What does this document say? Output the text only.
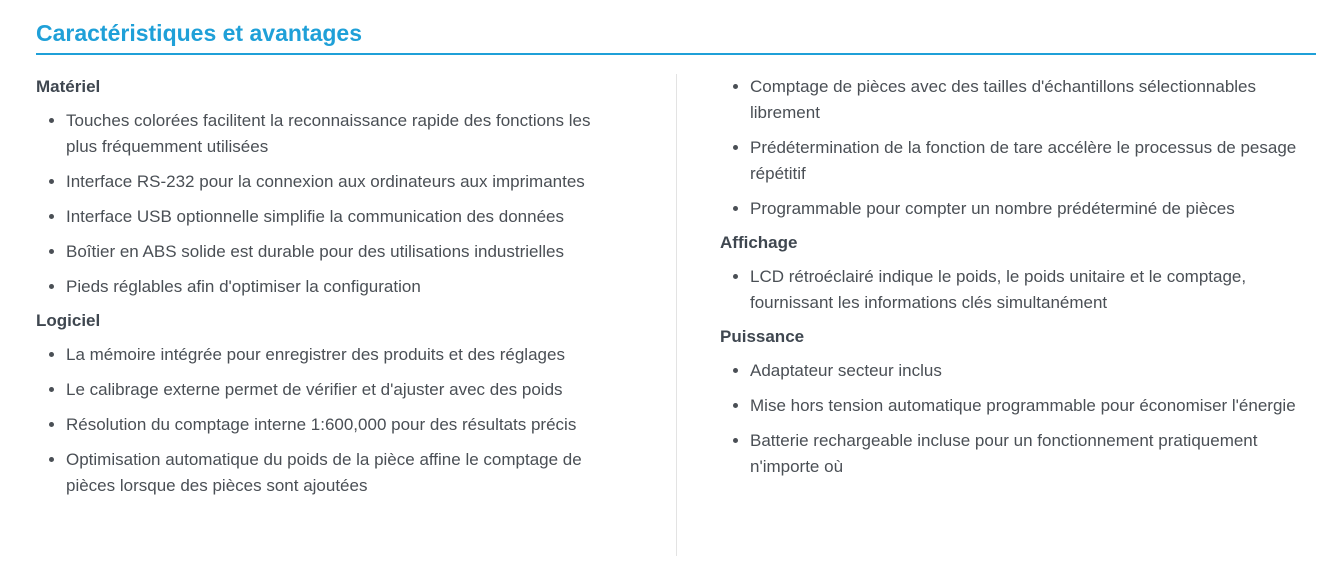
Caractéristiques et avantages
Matériel
• Touches colorées facilitent la reconnaissance rapide des fonctions les plus fréquemment utilisées
• Interface RS-232 pour la connexion aux ordinateurs aux imprimantes
• Interface USB optionnelle simplifie la communication des données
• Boîtier en ABS solide est durable pour des utilisations industrielles
• Pieds réglables afin d'optimiser la configuration
Logiciel
• La mémoire intégrée pour enregistrer des produits et des réglages
• Le calibrage externe permet de vérifier et d'ajuster avec des poids
• Résolution du comptage interne 1:600,000 pour des résultats précis
• Optimisation automatique du poids de la pièce affine le comptage de pièces lorsque des pièces sont ajoutées
• Comptage de pièces avec des tailles d'échantillons sélectionnables librement
• Prédétermination de la fonction de tare accélère le processus de pesage répétitif
• Programmable pour compter un nombre prédéterminé de pièces
Affichage
• LCD rétroéclairé indique le poids, le poids unitaire et le comptage, fournissant les informations clés simultanément
Puissance
• Adaptateur secteur inclus
• Mise hors tension automatique programmable pour économiser l'énergie
• Batterie rechargeable incluse pour un fonctionnement pratiquement n'importe où
